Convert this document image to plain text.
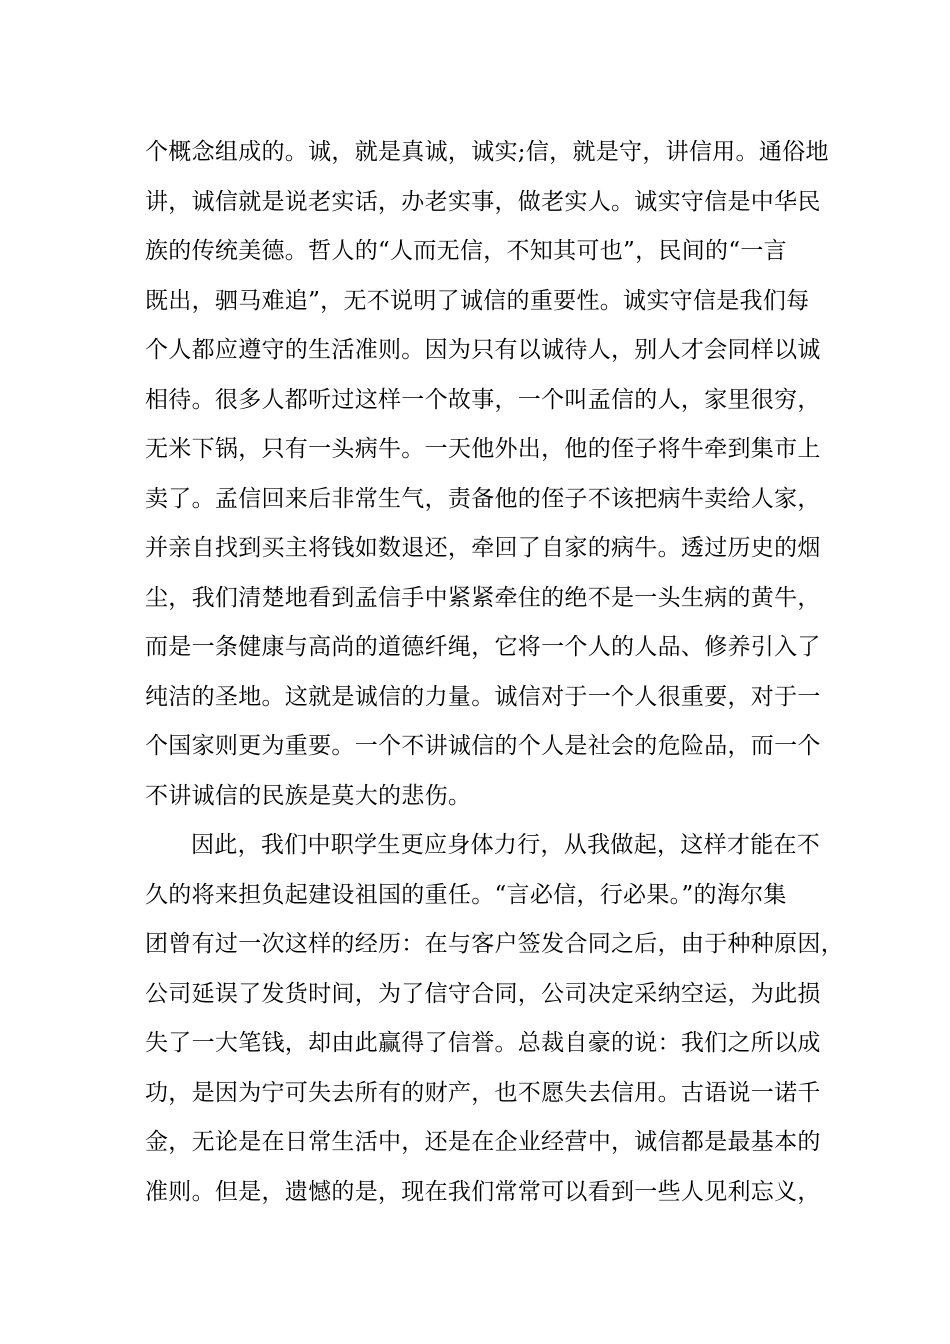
个概念组成的。诚，就是真诚，诚实;信，就是守，讲信用。通俗地
讲，诚信就是说老实话，办老实事，做老实人。诚实守信是中华民
族的传统美德。哲人的“人而无信，不知其可也”，民间的“一言
既出，驷马难追”，无不说明了诚信的重要性。诚实守信是我们每
个人都应遵守的生活准则。因为只有以诚待人，别人才会同样以诚
相待。很多人都听过这样一个故事，一个叫孟信的人，家里很穷，
无米下锅，只有一头病牛。一天他外出，他的侄子将牛牵到集市上
卖了。孟信回来后非常生气，责备他的侄子不该把病牛卖给人家，
并亲自找到买主将钱如数退还，牵回了自家的病牛。透过历史的烟
尘，我们清楚地看到孟信手中紧紧牵住的绝不是一头生病的黄牛，
而是一条健康与高尚的道德纤绳，它将一个人的人品、修养引入了
纯洁的圣地。这就是诚信的力量。诚信对于一个人很重要，对于一
个国家则更为重要。一个不讲诚信的个人是社会的危险品，而一个
不讲诚信的民族是莫大的悲伤。
因此，我们中职学生更应身体力行，从我做起，这样才能在不
久的将来担负起建设祖国的重任。“言必信，行必果。”的海尔集
团曾有过一次这样的经历：在与客户签发合同之后，由于种种原因，
公司延误了发货时间，为了信守合同，公司决定采纳空运，为此损
失了一大笔钱，却由此赢得了信誉。总裁自豪的说：我们之所以成
功，是因为宁可失去所有的财产，也不愿失去信用。古语说一诺千
金，无论是在日常生活中，还是在企业经营中，诚信都是最基本的
准则。但是，遗憾的是，现在我们常常可以看到一些人见利忘义，
